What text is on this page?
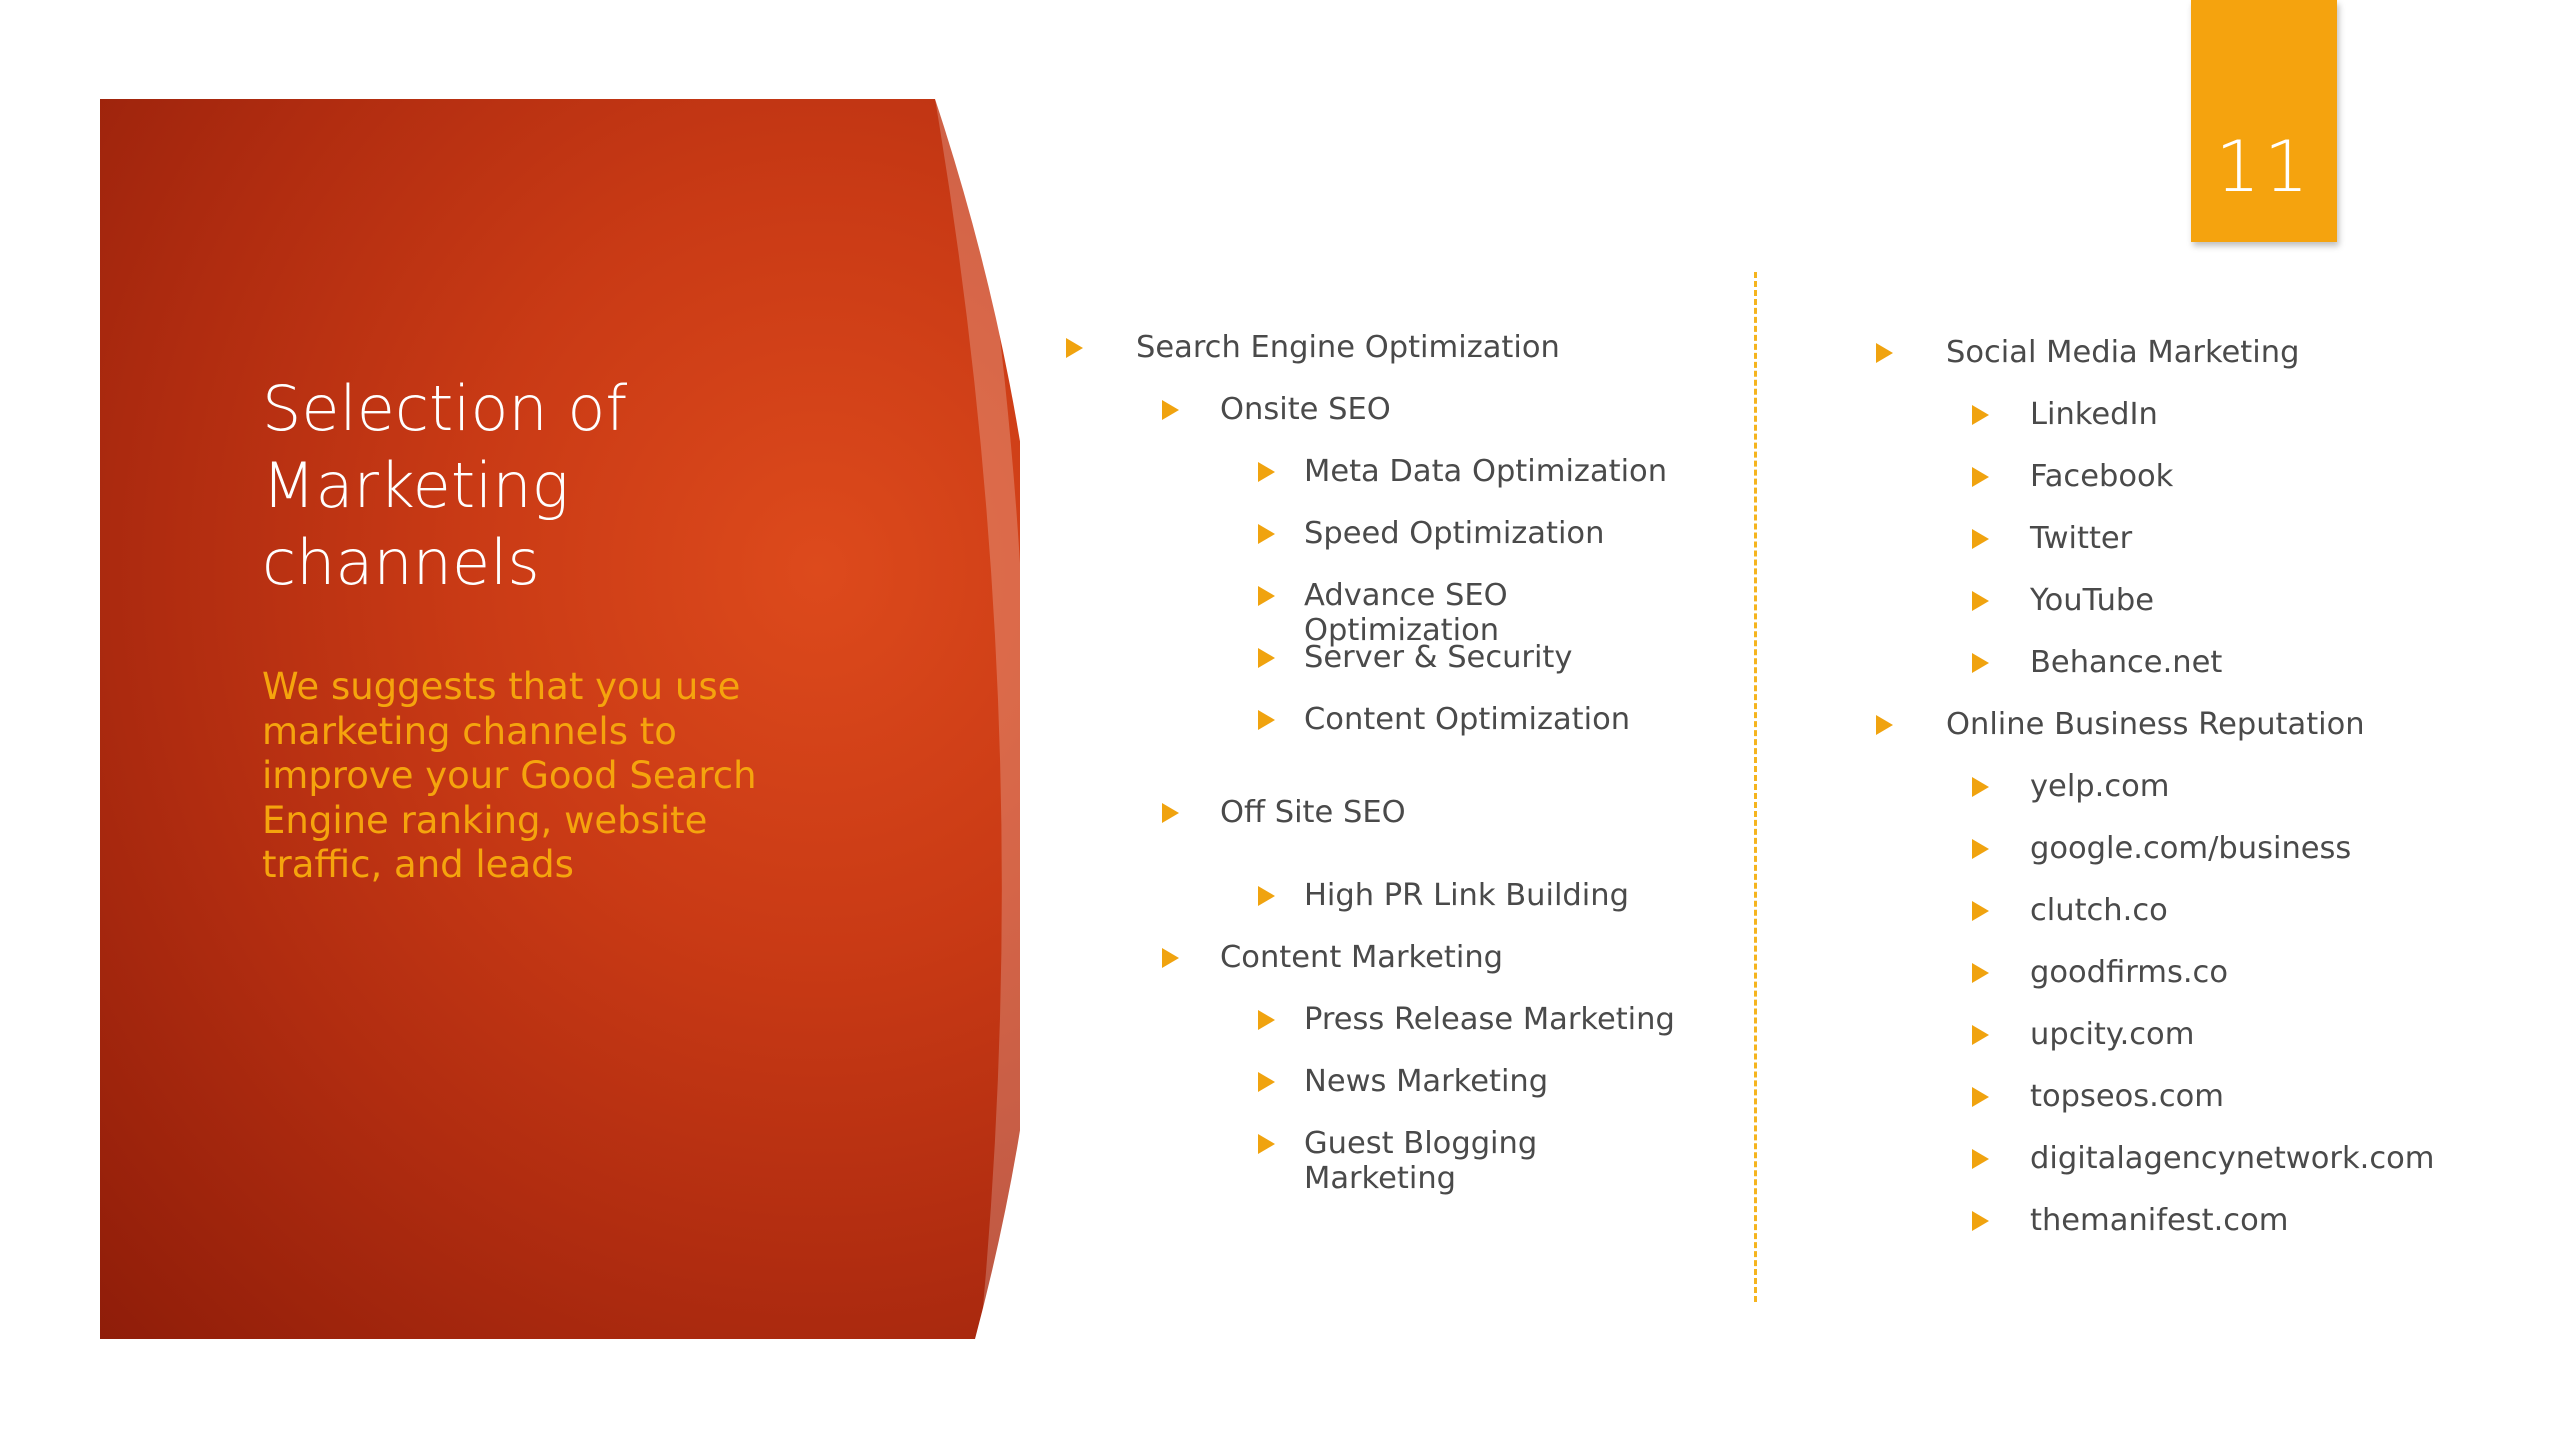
Selection of
Marketing
channels

We suggests that you use
marketing channels to
improve your Good Search
Engine ranking, website
traffic, and leads

11
Search Engine Optimization
Onsite SEO
Meta Data Optimization
Speed Optimization
Advance SEO
Optimization
Server & Security
Content Optimization
Off Site SEO
High PR Link Building
Content Marketing
Press Release Marketing
News Marketing
Guest Blogging
Marketing
Social Media Marketing
LinkedIn
Facebook
Twitter
YouTube
Behance.net
Online Business Reputation
yelp.com
google.com/business
clutch.co
goodfirms.co
upcity.com
topseos.com
digitalagencynetwork.com
themanifest.com
